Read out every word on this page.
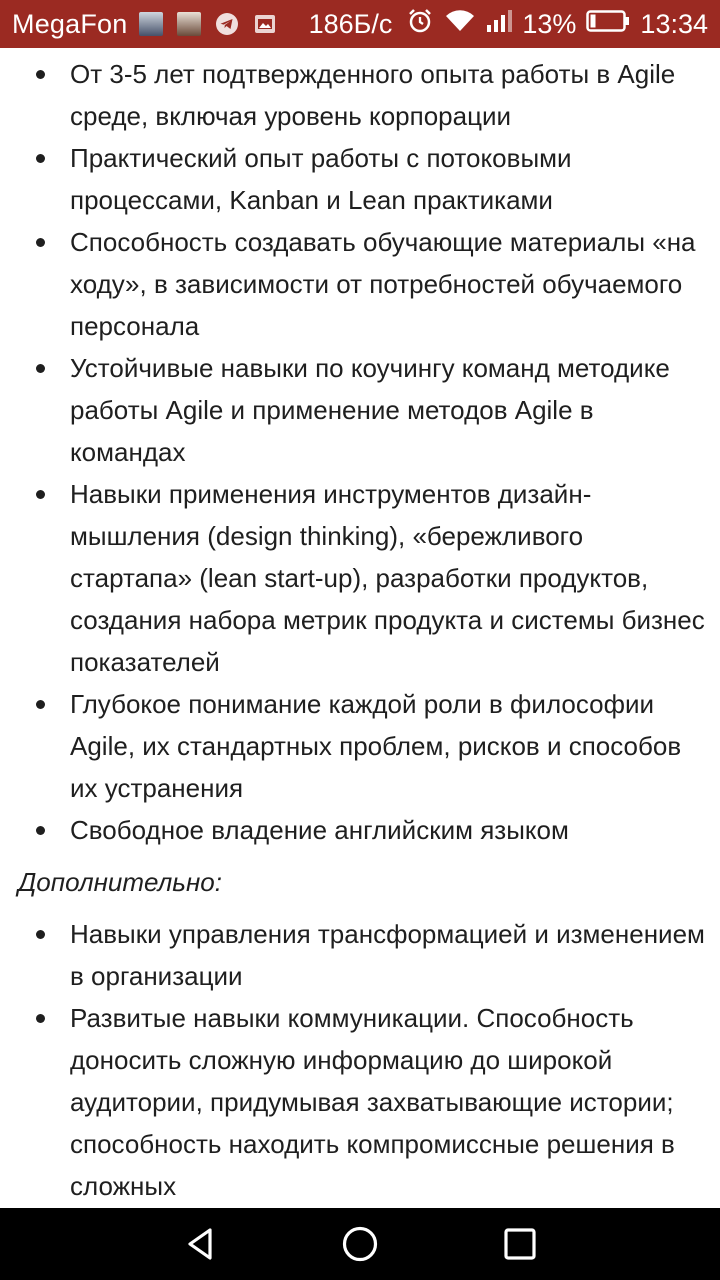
MegaFon	186Б/с	13% 13:34
От 3-5 лет подтвержденного опыта работы в Agile среде, включая уровень корпорации
Практический опыт работы с потоковыми процессами, Kanban и Lean практиками
Способность создавать обучающие материалы «на ходу», в зависимости от потребностей обучаемого персонала
Устойчивые навыки по коучингу команд методике работы Agile и применение методов Agile в командах
Навыки применения инструментов дизайн-мышления (design thinking), «бережливого стартапа» (lean start-up), разработки продуктов, создания набора метрик продукта и системы бизнес показателей
Глубокое понимание каждой роли в философии Agile, их стандартных проблем, рисков и способов их устранения
Свободное владение английским языком

Дополнительно:

Навыки управления трансформацией и изменением в организации
Развитые навыки коммуникации. Способность доносить сложную информацию до широкой аудитории, придумывая захватывающие истории; способность находить компромиссные решения в сложных
